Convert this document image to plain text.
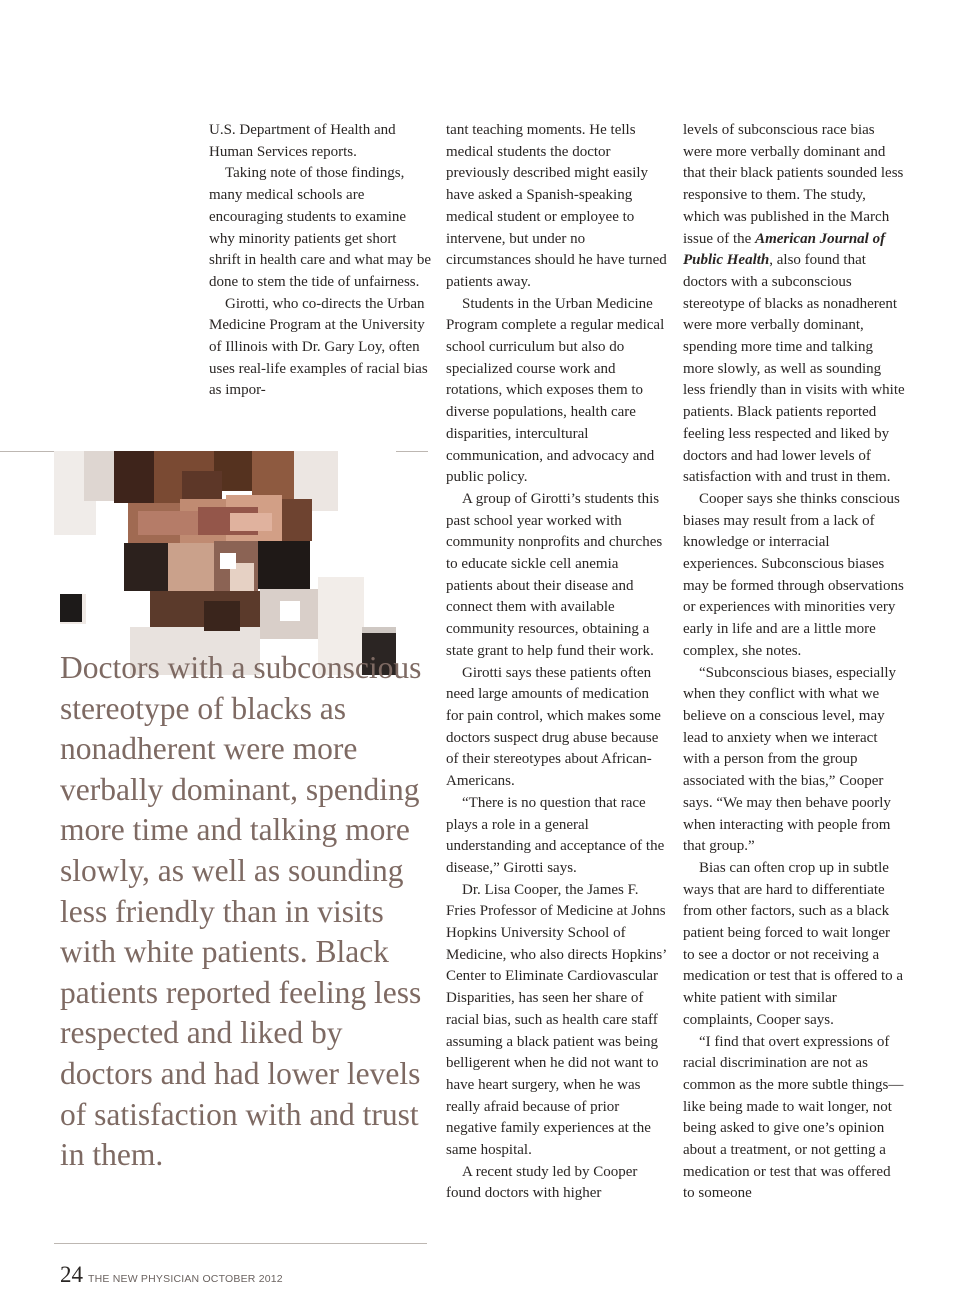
U.S. Department of Health and Human Services reports.

Taking note of those findings, many medical schools are encouraging students to examine why minority patients get short shrift in health care and what may be done to stem the tide of unfairness.

Girotti, who co-directs the Urban Medicine Program at the University of Illinois with Dr. Gary Loy, often uses real-life examples of racial bias as impor-

tant teaching moments. He tells medical students the doctor previously described might easily have asked a Spanish-speaking medical student or employee to intervene, but under no circumstances should he have turned patients away.

Students in the Urban Medicine Program complete a regular medical school curriculum but also do specialized course work and rotations, which exposes them to diverse populations, health care disparities, intercultural communication, and advocacy and public policy.

A group of Girotti’s students this past school year worked with community nonprofits and churches to educate sickle cell anemia patients about their disease and connect them with available community resources, obtaining a state grant to help fund their work.

Girotti says these patients often need large amounts of medication for pain control, which makes some doctors suspect drug abuse because of their stereotypes about African-Americans.

“There is no question that race plays a role in a general understanding and acceptance of the disease,” Girotti says.

Dr. Lisa Cooper, the James F. Fries Professor of Medicine at Johns Hopkins University School of Medicine, who also directs Hopkins’ Center to Eliminate Cardiovascular Disparities, has seen her share of racial bias, such as health care staff assuming a black patient was being belligerent when he did not want to have heart surgery, when he was really afraid because of prior negative family experiences at the same hospital.

A recent study led by Cooper found doctors with higher

levels of subconscious race bias were more verbally dominant and that their black patients sounded less responsive to them. The study, which was published in the March issue of the American Journal of Public Health, also found that doctors with a subconscious stereotype of blacks as nonadherent were more verbally dominant, spending more time and talking more slowly, as well as sounding less friendly than in visits with white patients. Black patients reported feeling less respected and liked by doctors and had lower levels of satisfaction with and trust in them.

Cooper says she thinks conscious biases may result from a lack of knowledge or interracial experiences. Subconscious biases may be formed through observations or experiences with minorities very early in life and are a little more complex, she notes.

“Subconscious biases, especially when they conflict with what we believe on a conscious level, may lead to anxiety when we interact with a person from the group associated with the bias,” Cooper says. “We may then behave poorly when interacting with people from that group.”

Bias can often crop up in subtle ways that are hard to differentiate from other factors, such as a black patient being forced to wait longer to see a doctor or not receiving a medication or test that is offered to a white patient with similar complaints, Cooper says.

“I find that overt expressions of racial discrimination are not as common as the more subtle things—like being made to wait longer, not being asked to give one’s opinion about a treatment, or not getting a medication or test that was offered to someone

Doctors with a subconscious stereotype of blacks as nonadherent were more verbally dominant, spending more time and talking more slowly, as well as sounding less friendly than in visits with white patients. Black patients reported feeling less respected and liked by doctors and had lower levels of satisfaction with and trust in them.

24 THE NEW PHYSICIAN OCTOBER 2012
